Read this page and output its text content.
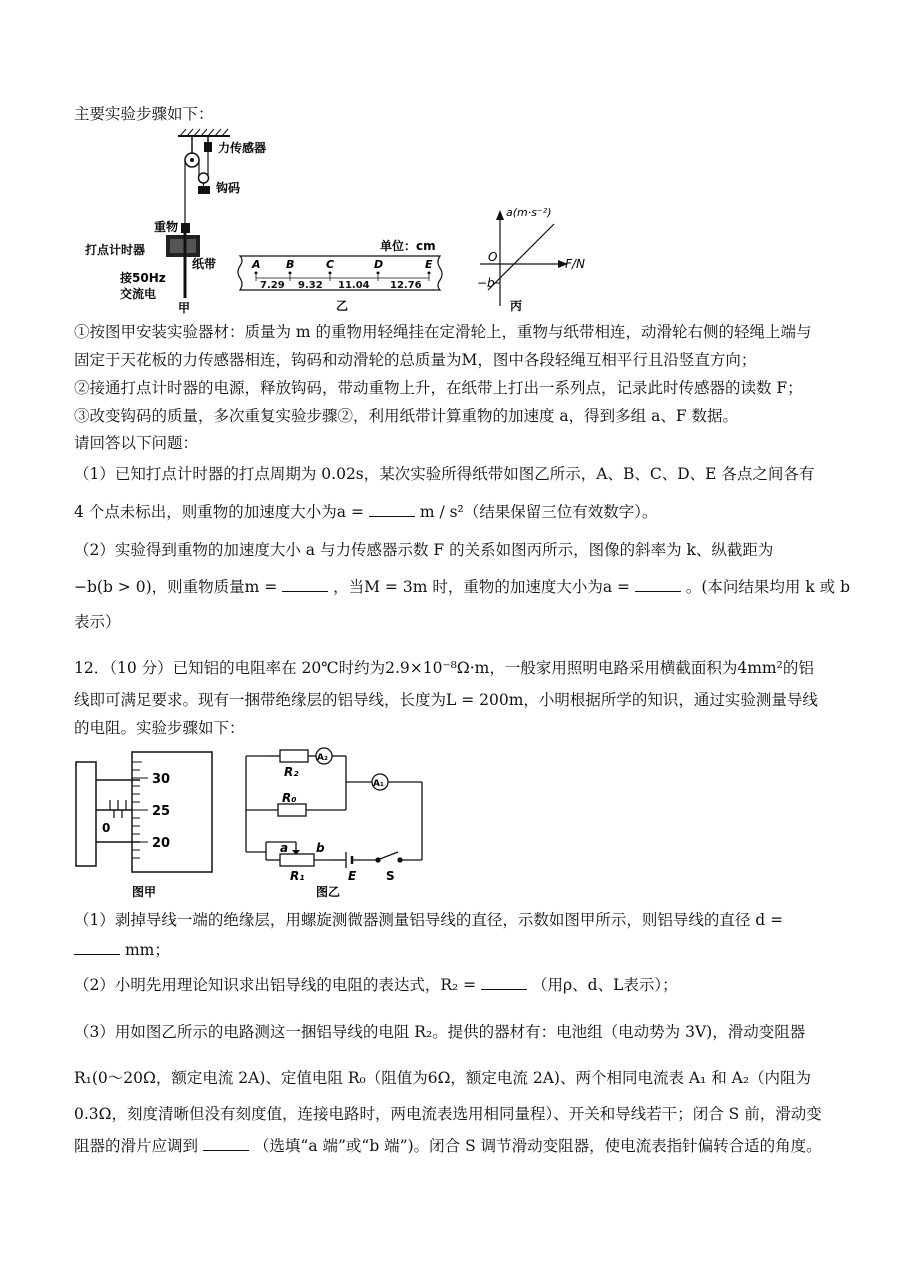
主要实验步骤如下：
力传感器
钩码
重物
打点计时器
纸带
接50Hz
交流电
甲
单位：cm
A B	C	D	E
7.29 9.32 11.04 12.76
乙
a(m·s⁻²)
F/N
O
−b
丙
①按图甲安装实验器材：质量为 m 的重物用轻绳挂在定滑轮上，重物与纸带相连，动滑轮右侧的轻绳上端与
固定于天花板的力传感器相连，钩码和动滑轮的总质量为M，图中各段轻绳互相平行且沿竖直方向；
②接通打点计时器的电源，释放钩码，带动重物上升，在纸带上打出一系列点，记录此时传感器的读数 F；
③改变钩码的质量，多次重复实验步骤②，利用纸带计算重物的加速度 a，得到多组 a、F 数据。
请回答以下问题：
（1）已知打点计时器的打点周期为 0.02s，某次实验所得纸带如图乙所示，A、B、C、D、E 各点之间各有
4 个点未标出，则重物的加速度大小为a =	m / s²（结果保留三位有效数字）。
（2）实验得到重物的加速度大小 a 与力传感器示数 F 的关系如图丙所示，图像的斜率为 k、纵截距为
−b(b > 0)，则重物质量m =	，当M = 3m 时，重物的加速度大小为a =	。(本问结果均用 k 或 b
表示）
12．（10 分）已知铝的电阻率在 20℃时约为2.9×10⁻⁸Ω·m，一般家用照明电路采用横截面积为4mm²的铝
线即可满足要求。现有一捆带绝缘层的铝导线，长度为L = 200m，小明根据所学的知识，通过实验测量导线
的电阻。实验步骤如下：
0
30
25
20
图甲
R₂
A₂
A₁
R₀
a b
R₁	E S
图乙
（1）剥掉导线一端的绝缘层，用螺旋测微器测量铝导线的直径，示数如图甲所示，则铝导线的直径 d =
mm；
（2）小明先用理论知识求出铝导线的电阻的表达式，R₂ =	（用ρ、d、L表示）；
（3）用如图乙所示的电路测这一捆铝导线的电阻 R₂。提供的器材有：电池组（电动势为 3V)，滑动变阻器
R₁(0～20Ω，额定电流 2A)、定值电阻 R₀（阻值为6Ω，额定电流 2A)、两个相同电流表 A₁ 和 A₂（内阻为
0.3Ω，刻度清晰但没有刻度值，连接电路时，两电流表选用相同量程）、开关和导线若干；闭合 S 前，滑动变
阻器的滑片应调到	（选填“a 端”或“b 端”)。闭合 S 调节滑动变阻器，使电流表指针偏转合适的角度。
